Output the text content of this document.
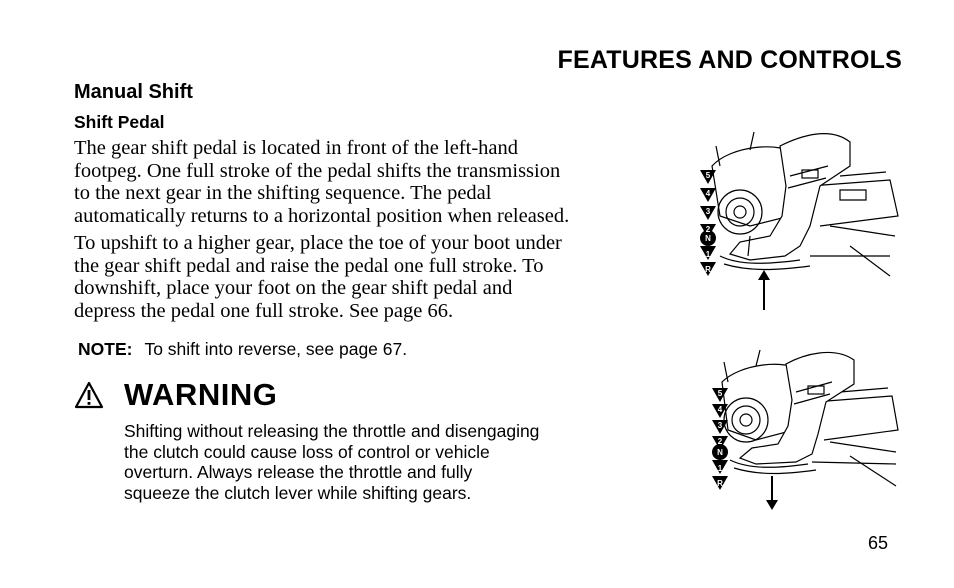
FEATURES AND CONTROLS
Manual Shift
Shift Pedal
The gear shift pedal is located in front of the left-hand
footpeg. One full stroke of the pedal shifts the transmission
to the next gear in the shifting sequence. The pedal
automatically returns to a horizontal position when released.
To upshift to a higher gear, place the toe of your boot under
the gear shift pedal and raise the pedal one full stroke. To
downshift, place your foot on the gear shift pedal and
depress the pedal one full stroke. See page 66.
NOTE: To shift into reverse, see page 67.
WARNING
Shifting without releasing the throttle and disengaging
the clutch could cause loss of control or vehicle
overturn. Always release the throttle and fully
squeeze the clutch lever while shifting gears.
5
4
3
2
N
1
R
5
4
3
2
N
1
R
65
